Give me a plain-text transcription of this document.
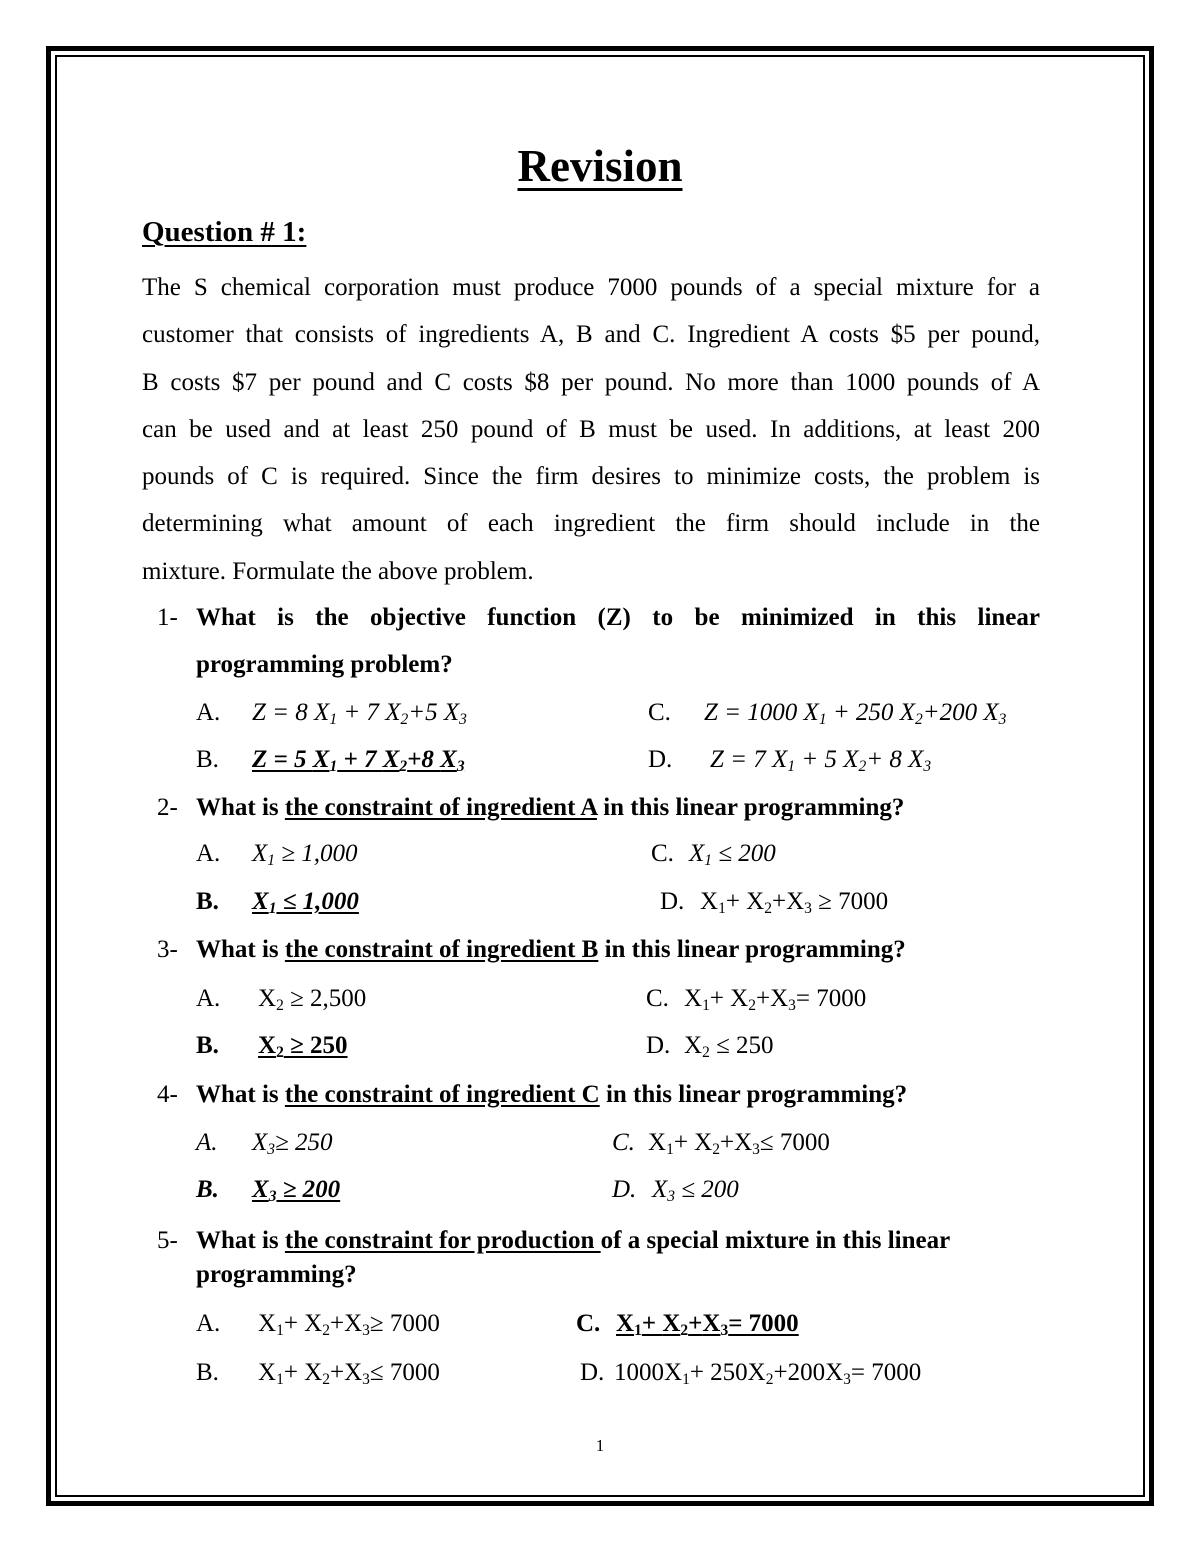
Revision
Question # 1:
The S chemical corporation must produce 7000 pounds of a special mixture for a
customer that consists of ingredients A, B and C. Ingredient A costs $5 per pound,
B costs $7 per pound and C costs $8 per pound. No more than 1000 pounds of A
can be used and at least 250 pound of B must be used. In additions, at least 200
pounds of C is required. Since the firm desires to minimize costs, the problem is
determining what amount of each ingredient the firm should include in the
mixture. Formulate the above problem.
1- What is the objective function (Z) to be minimized in this linear
programming problem?
A. Z = 8 $X_1 + 7$ $X_2+5$ $X_3$	C. Z = 1000 $X_1 + 250$ $X_2+200$ $X_3$
B. Z = 5 $X_1 + 7$ $X_2+8$ $X_3$	D. Z = 7 $X_1 + 5$ $X_2+ 8$ $X_3$
2- What is the constraint of ingredient A in this linear programming?
A. $X_1 \ge 1,000$	C. $X_1 \le 200$
B. $X_1 \le 1,000$	D. $X_1+ X_2+X_3 \ge 7000$
3- What is the constraint of ingredient B in this linear programming?
A. $X_2 \ge 2,500$	C. $X_1+ X_2+X_3= 7000$
B. $X_2 \ge 250$	D. $X_2 \le 250$
4- What is the constraint of ingredient C in this linear programming?
A. $X_3\ge 250$	C. $X_1+ X_2+X_3\le 7000$
B. $X_3 \ge 200$	D. $X_3 \le 200$
5- What is the constraint for production of a special mixture in this linear
programming?
A. $X_1+ X_2+X_3\ge 7000$	C. $X_1+ X_2+X_3= 7000$
B. $X_1+ X_2+X_3\le 7000$	D. $1000X_1+ 250X_2+200X_3= 7000$
1
